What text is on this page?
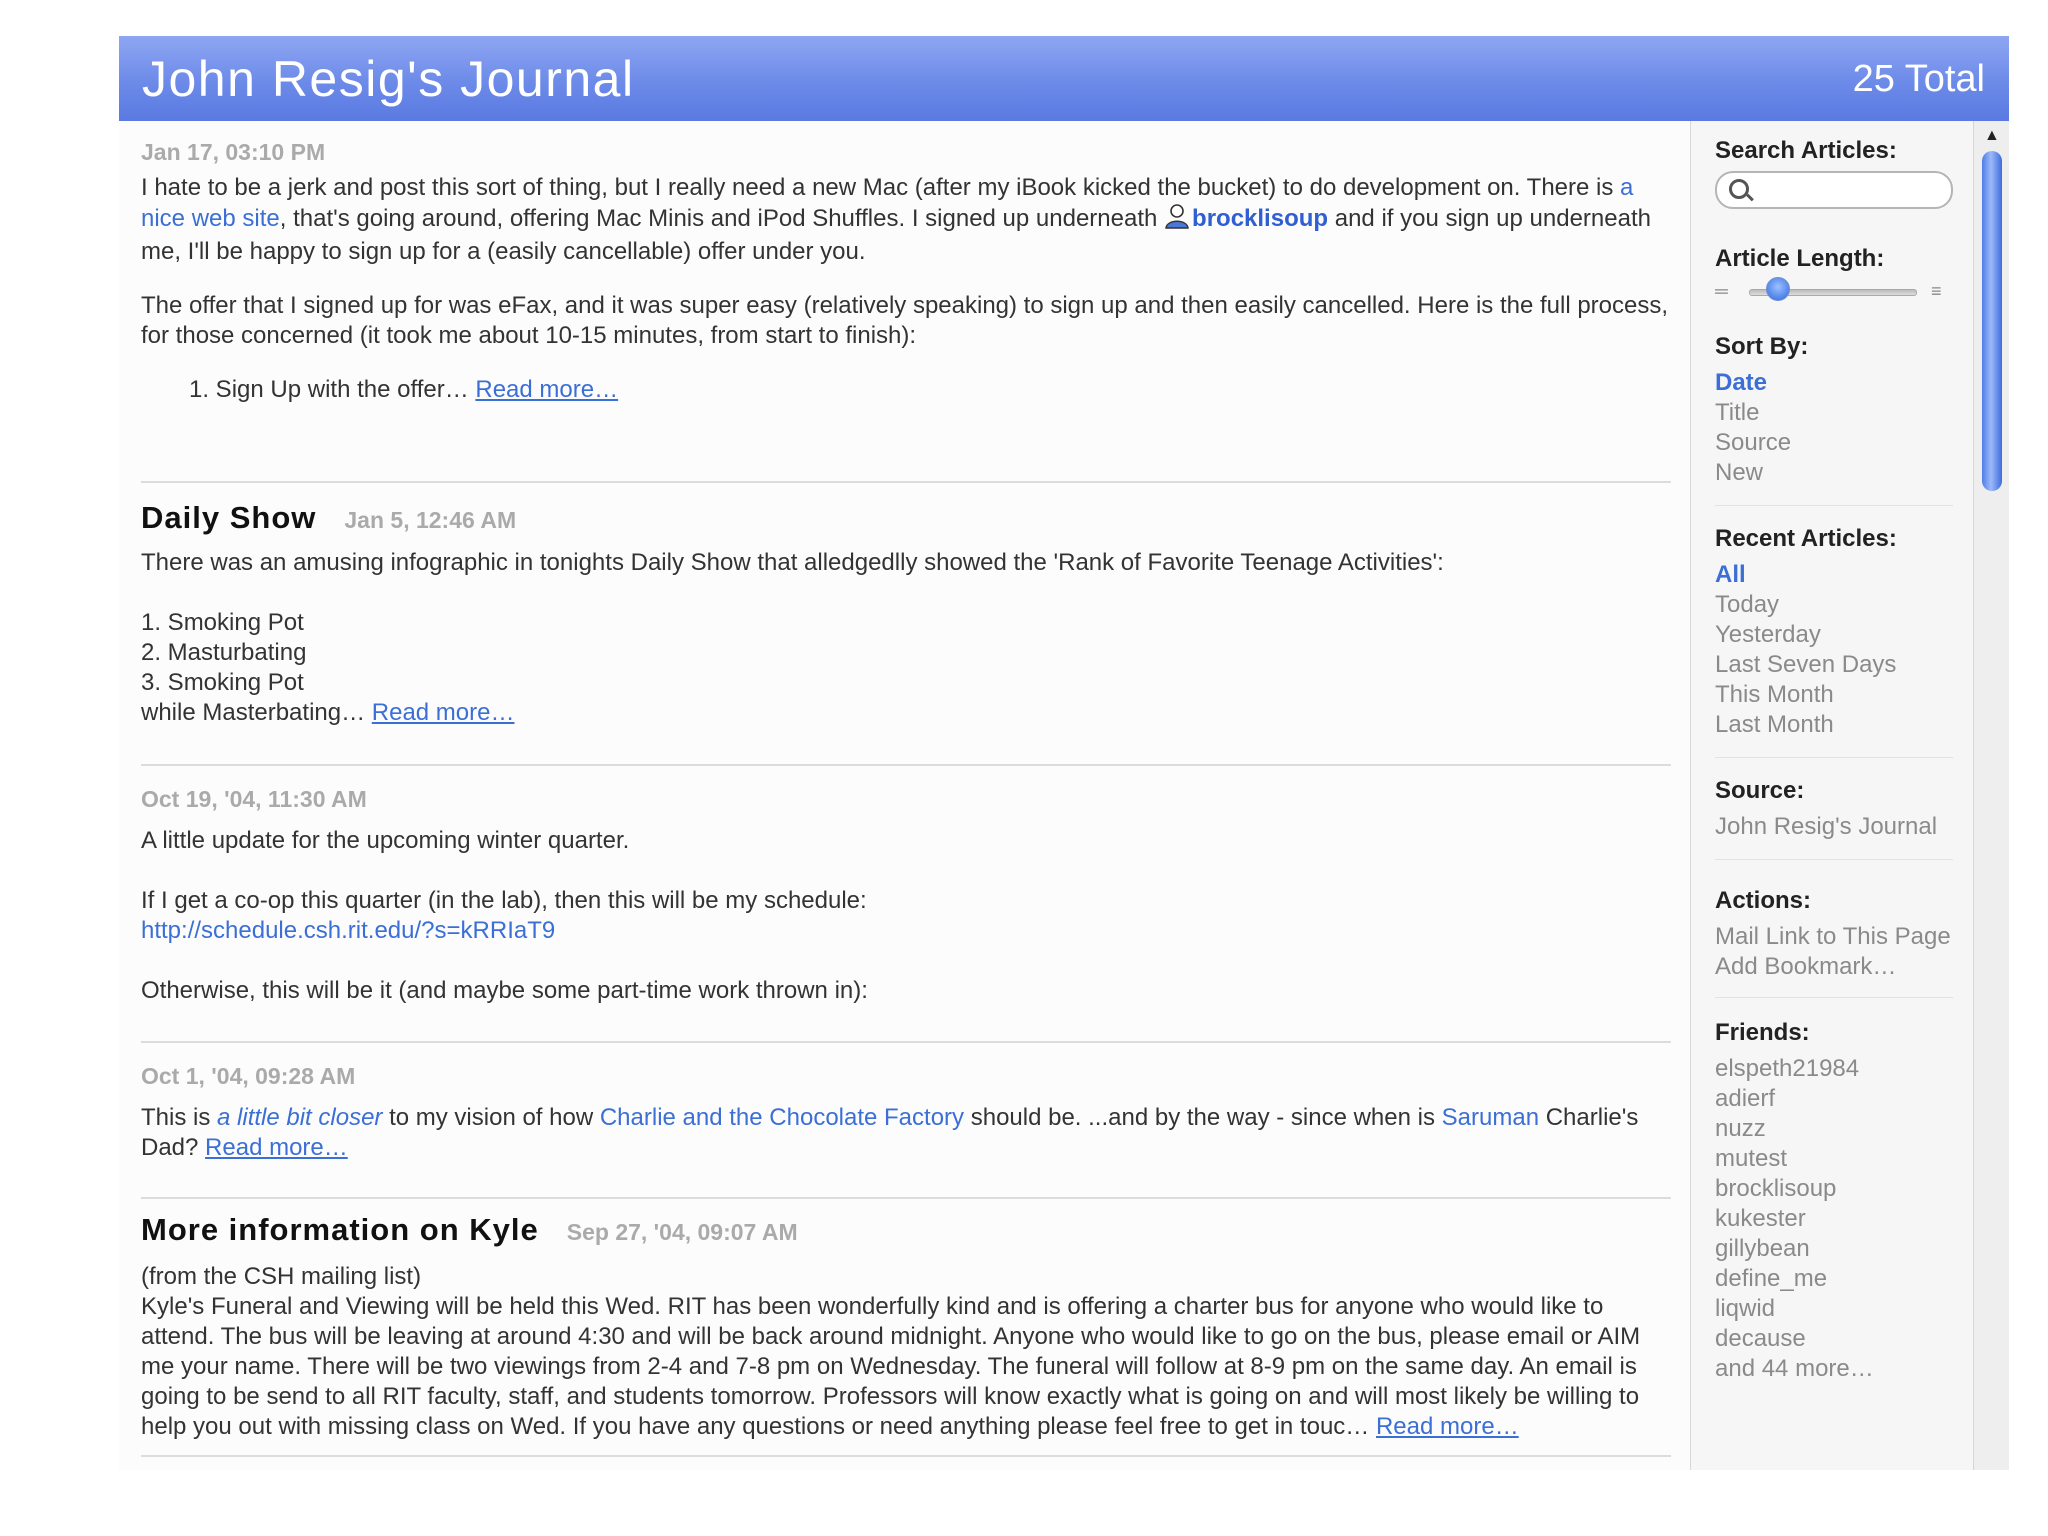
John Resig's Journal	25 Total
Jan 17, 03:10 PM

I hate to be a jerk and post this sort of thing, but I really need a new Mac (after my iBook kicked the bucket) to do development on. There is a nice web site, that's going around, offering Mac Minis and iPod Shuffles. I signed up underneath brocklisoup and if you sign up underneath me, I'll be happy to sign up for a (easily cancellable) offer under you.

The offer that I signed up for was eFax, and it was super easy (relatively speaking) to sign up and then easily cancelled. Here is the full process, for those concerned (it took me about 10-15 minutes, from start to finish):

1. Sign Up with the offer… Read more…

Daily Show Jan 5, 12:46 AM

There was an amusing infographic in tonights Daily Show that alledgedlly showed the 'Rank of Favorite Teenage Activities':

1. Smoking Pot

2. Masturbating

3. Smoking Pot

while Masterbating… Read more…

Oct 19, '04, 11:30 AM

A little update for the upcoming winter quarter.

If I get a co-op this quarter (in the lab), then this will be my schedule:

http://schedule.csh.rit.edu/?s=kRRIaT9

Otherwise, this will be it (and maybe some part-time work thrown in):

Oct 1, '04, 09:28 AM

This is a little bit closer to my vision of how Charlie and the Chocolate Factory should be. ...and by the way - since when is Saruman Charlie's Dad? Read more…

More information on Kyle Sep 27, '04, 09:07 AM

(from the CSH mailing list)

Kyle's Funeral and Viewing will be held this Wed. RIT has been wonderfully kind and is offering a charter bus for anyone who would like to attend. The bus will be leaving at around 4:30 and will be back around midnight. Anyone who would like to go on the bus, please email or AIM me your name. There will be two viewings from 2-4 and 7-8 pm on Wednesday. The funeral will follow at 8-9 pm on the same day. An email is going to be send to all RIT faculty, staff, and students tomorrow. Professors will know exactly what is going on and will most likely be willing to help you out with missing class on Wed. If you have any questions or need anything please feel free to get in touc… Read more…

Search Articles:
Article Length:
═	≡
Sort By:
Date
Title
Source
New
Recent Articles:
All
Today
Yesterday
Last Seven Days
This Month
Last Month
Source:
John Resig's Journal
Actions:
Mail Link to This Page
Add Bookmark…
Friends:
elspeth21984
adierf
nuzz
mutest
brocklisoup
kukester
gillybean
define_me
liqwid
decause
and 44 more…
▲
